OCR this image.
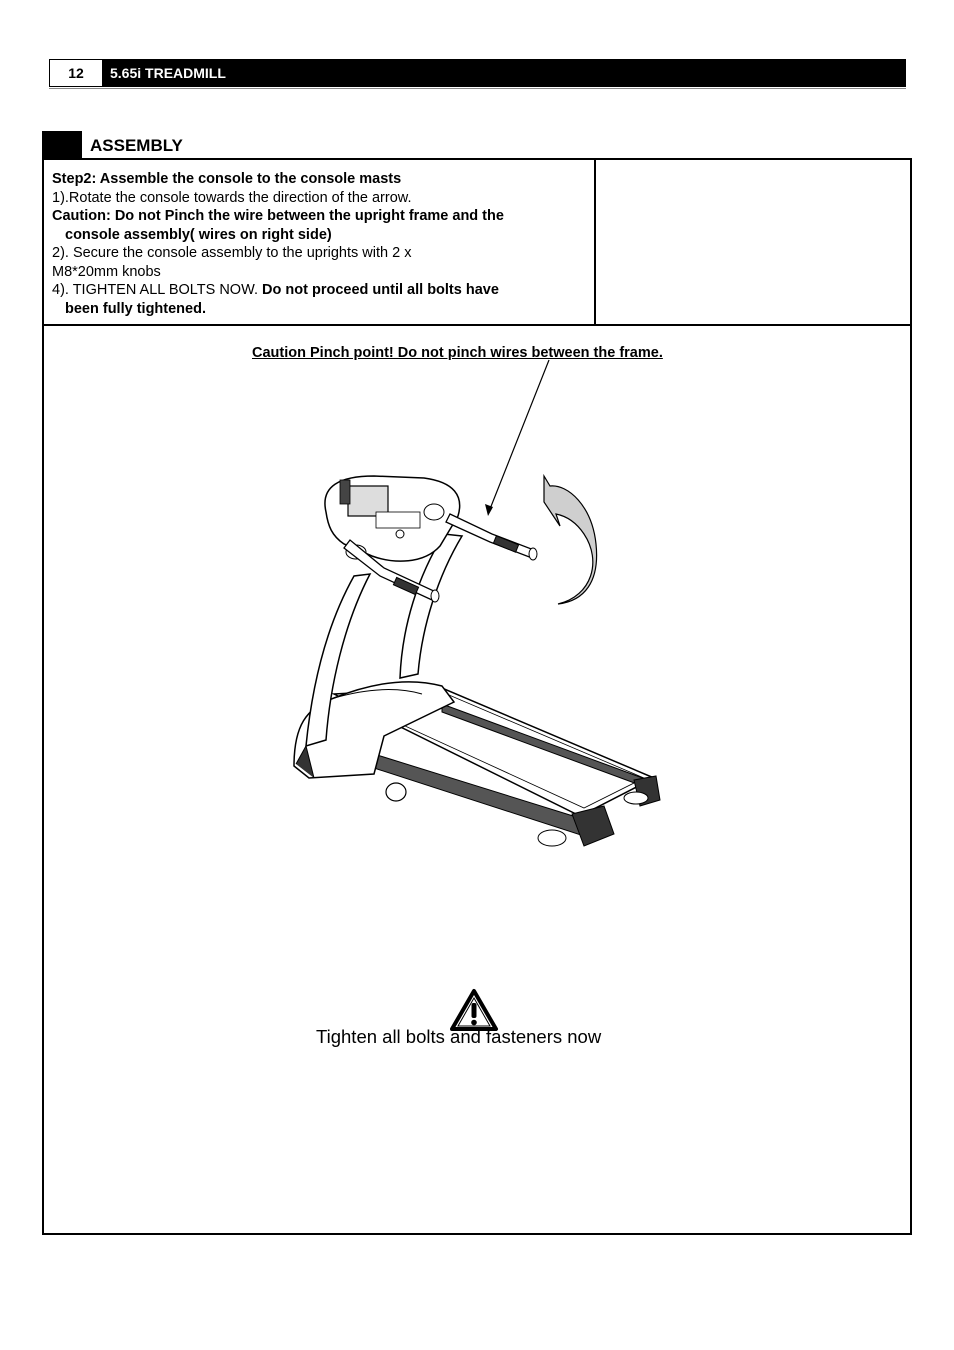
12	5.65i TREADMILL
ASSEMBLY

Step2: Assemble the console to the console masts

1).Rotate the console towards the direction of the arrow.

Caution: Do not Pinch the wire between the upright frame and the

console assembly( wires on right side)

2). Secure the console assembly to the uprights with 2 x

M8*20mm knobs

4). TIGHTEN ALL BOLTS NOW. Do not proceed until all bolts have

been fully tightened.

Caution Pinch point! Do not pinch wires between the frame.
Tighten all bolts and fasteners now
